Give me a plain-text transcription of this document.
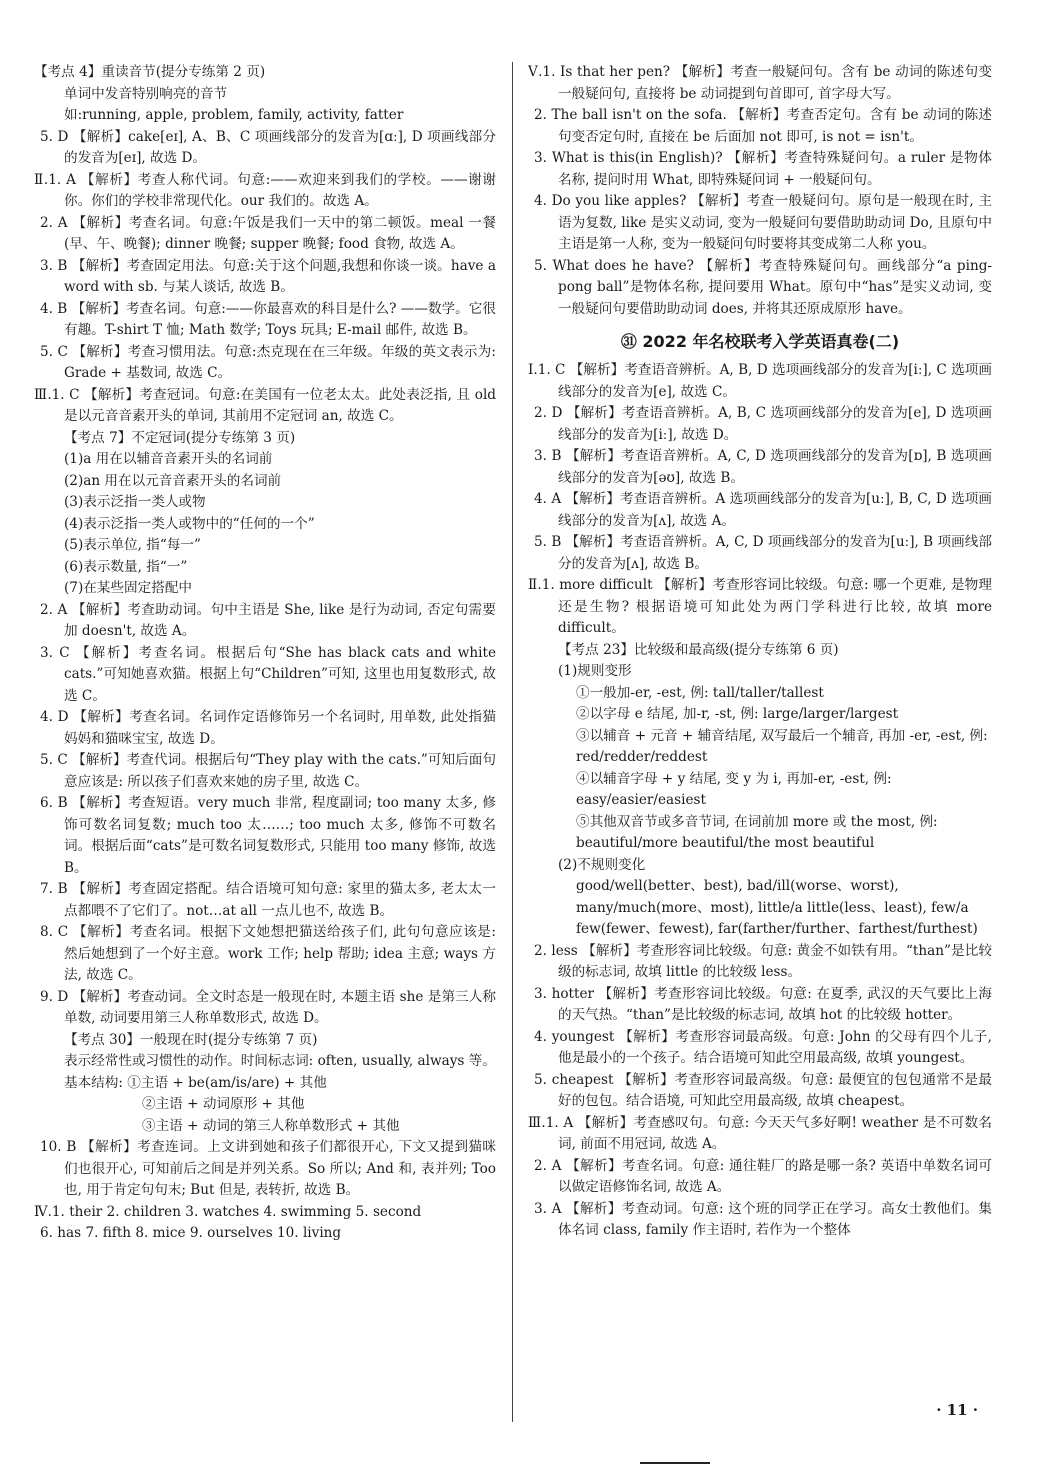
【考点 4】重读音节(提分专练第 2 页)
单词中发音特别响亮的音节
如:running, apple, problem, family, activity, fatter
5. D 【解析】cake[eɪ], A、B、C 项画线部分的发音为[ɑː], D 项画线部分的发音为[eɪ], 故选 D。
Ⅱ.1. A 【解析】考查人称代词。句意:——欢迎来到我们的学校。——谢谢你。你们的学校非常现代化。our 我们的。故选 A。
2. A 【解析】考查名词。句意:午饭是我们一天中的第二顿饭。meal 一餐(早、午、晚餐); dinner 晚餐; supper 晚餐; food 食物, 故选 A。
3. B 【解析】考查固定用法。句意:关于这个问题,我想和你谈一谈。have a word with sb. 与某人谈话, 故选 B。
4. B 【解析】考查名词。句意:——你最喜欢的科目是什么? ——数学。它很有趣。T-shirt T 恤; Math 数学; Toys 玩具; E-mail 邮件, 故选 B。
5. C 【解析】考查习惯用法。句意:杰克现在在三年级。年级的英文表示为: Grade + 基数词, 故选 C。
Ⅲ.1. C 【解析】考查冠词。句意:在美国有一位老太太。此处表泛指, 且 old 是以元音音素开头的单词, 其前用不定冠词 an, 故选 C。
【考点 7】不定冠词(提分专练第 3 页)
(1)a 用在以辅音音素开头的名词前
(2)an 用在以元音音素开头的名词前
(3)表示泛指一类人或物
(4)表示泛指一类人或物中的“任何的一个”
(5)表示单位, 指“每一”
(6)表示数量, 指“一”
(7)在某些固定搭配中
2. A 【解析】考查助动词。句中主语是 She, like 是行为动词, 否定句需要加 doesn't, 故选 A。
3. C 【解析】考查名词。根据后句“She has black cats and white cats.”可知她喜欢猫。根据上句“Children”可知, 这里也用复数形式, 故选 C。
4. D 【解析】考查名词。名词作定语修饰另一个名词时, 用单数, 此处指猫妈妈和猫咪宝宝, 故选 D。
5. C 【解析】考查代词。根据后句“They play with the cats.”可知后面句意应该是: 所以孩子们喜欢来她的房子里, 故选 C。
6. B 【解析】考查短语。very much 非常, 程度副词; too many 太多, 修饰可数名词复数; much too 太……; too much 太多, 修饰不可数名词。根据后面“cats”是可数名词复数形式, 只能用 too many 修饰, 故选 B。
7. B 【解析】考查固定搭配。结合语境可知句意: 家里的猫太多, 老太太一点都喂不了它们了。not…at all 一点儿也不, 故选 B。
8. C 【解析】考查名词。根据下文她想把猫送给孩子们, 此句句意应该是: 然后她想到了一个好主意。work 工作; help 帮助; idea 主意; ways 方法, 故选 C。
9. D 【解析】考查动词。全文时态是一般现在时, 本题主语 she 是第三人称单数, 动词要用第三人称单数形式, 故选 D。
【考点 30】一般现在时(提分专练第 7 页)
表示经常性或习惯性的动作。时间标志词: often, usually, always 等。
基本结构: ①主语 + be(am/is/are) + 其他
②主语 + 动词原形 + 其他
③主语 + 动词的第三人称单数形式 + 其他
10. B 【解析】考查连词。上文讲到她和孩子们都很开心, 下文又提到猫咪们也很开心, 可知前后之间是并列关系。So 所以; And 和, 表并列; Too 也, 用于肯定句句末; But 但是, 表转折, 故选 B。
Ⅳ.1. their 2. children 3. watches 4. swimming 5. second
6. has 7. fifth 8. mice 9. ourselves 10. living
Ⅴ.1. Is that her pen? 【解析】考查一般疑问句。含有 be 动词的陈述句变一般疑问句, 直接将 be 动词提到句首即可, 首字母大写。
2. The ball isn't on the sofa. 【解析】考查否定句。含有 be 动词的陈述句变否定句时, 直接在 be 后面加 not 即可, is not = isn't。
3. What is this(in English)? 【解析】考查特殊疑问句。a ruler 是物体名称, 提问时用 What, 即特殊疑问词 + 一般疑问句。
4. Do you like apples? 【解析】考查一般疑问句。原句是一般现在时, 主语为复数, like 是实义动词, 变为一般疑问句要借助助动词 Do, 且原句中主语是第一人称, 变为一般疑问句时要将其变成第二人称 you。
5. What does he have? 【解析】考查特殊疑问句。画线部分“a ping-pong ball”是物体名称, 提问要用 What。原句中“has”是实义动词, 变一般疑问句要借助助动词 does, 并将其还原成原形 have。
㉛ 2022 年名校联考入学英语真卷(二)
Ⅰ.1. C 【解析】考查语音辨析。A, B, D 选项画线部分的发音为[iː], C 选项画线部分的发音为[e], 故选 C。
2. D 【解析】考查语音辨析。A, B, C 选项画线部分的发音为[e], D 选项画线部分的发音为[iː], 故选 D。
3. B 【解析】考查语音辨析。A, C, D 选项画线部分的发音为[ɒ], B 选项画线部分的发音为[əʊ], 故选 B。
4. A 【解析】考查语音辨析。A 选项画线部分的发音为[uː], B, C, D 选项画线部分的发音为[ʌ], 故选 A。
5. B 【解析】考查语音辨析。A, C, D 项画线部分的发音为[uː], B 项画线部分的发音为[ʌ], 故选 B。
Ⅱ.1. more difficult 【解析】考查形容词比较级。句意: 哪一个更难, 是物理还是生物? 根据语境可知此处为两门学科进行比较, 故填 more difficult。
【考点 23】比较级和最高级(提分专练第 6 页)
(1)规则变形
①一般加-er, -est, 例: tall/taller/tallest
②以字母 e 结尾, 加-r, -st, 例: large/larger/largest
③以辅音 + 元音 + 辅音结尾, 双写最后一个辅音, 再加 -er, -est, 例: red/redder/reddest
④以辅音字母 + y 结尾, 变 y 为 i, 再加-er, -est, 例: easy/easier/easiest
⑤其他双音节或多音节词, 在词前加 more 或 the most, 例: beautiful/more beautiful/the most beautiful
(2)不规则变化
good/well(better、best), bad/ill(worse、worst), many/much(more、most), little/a little(less、least), few/a few(fewer、fewest), far(farther/further、farthest/furthest)
2. less 【解析】考查形容词比较级。句意: 黄金不如铁有用。“than”是比较级的标志词, 故填 little 的比较级 less。
3. hotter 【解析】考查形容词比较级。句意: 在夏季, 武汉的天气要比上海的天气热。“than”是比较级的标志词, 故填 hot 的比较级 hotter。
4. youngest 【解析】考查形容词最高级。句意: John 的父母有四个儿子, 他是最小的一个孩子。结合语境可知此空用最高级, 故填 youngest。
5. cheapest 【解析】考查形容词最高级。句意: 最便宜的包包通常不是最好的包包。结合语境, 可知此空用最高级, 故填 cheapest。
Ⅲ.1. A 【解析】考查感叹句。句意: 今天天气多好啊! weather 是不可数名词, 前面不用冠词, 故选 A。
2. A 【解析】考查名词。句意: 通往鞋厂的路是哪一条? 英语中单数名词可以做定语修饰名词, 故选 A。
3. A 【解析】考查动词。句意: 这个班的同学正在学习。高女士教他们。集体名词 class, family 作主语时, 若作为一个整体
· 11 ·
